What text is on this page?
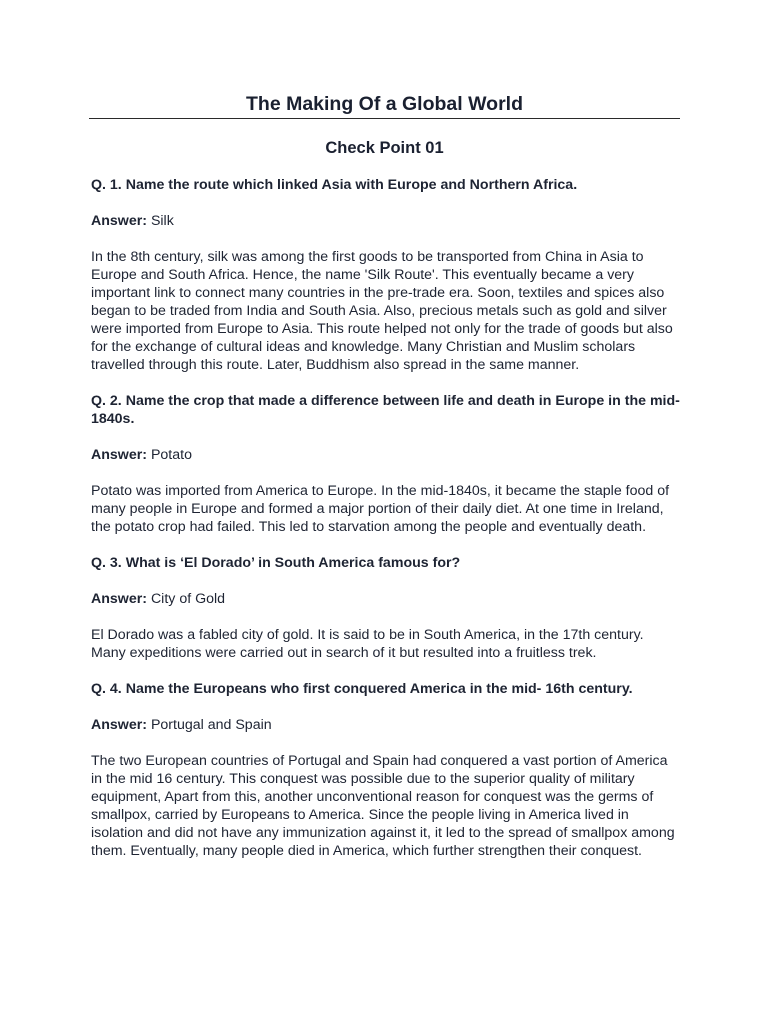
The Making Of a Global World
Check Point 01

Q. 1. Name the route which linked Asia with Europe and Northern Africa.

Answer: Silk

In the 8th century, silk was among the first goods to be transported from China in Asia to Europe and South Africa. Hence, the name 'Silk Route'. This eventually became a very important link to connect many countries in the pre-trade era. Soon, textiles and spices also began to be traded from India and South Asia. Also, precious metals such as gold and silver were imported from Europe to Asia. This route helped not only for the trade of goods but also for the exchange of cultural ideas and knowledge. Many Christian and Muslim scholars travelled through this route. Later, Buddhism also spread in the same manner.

Q. 2. Name the crop that made a difference between life and death in Europe in the mid-1840s.

Answer: Potato

Potato was imported from America to Europe. In the mid-1840s, it became the staple food of many people in Europe and formed a major portion of their daily diet. At one time in Ireland, the potato crop had failed. This led to starvation among the people and eventually death.

Q. 3. What is ‘El Dorado’ in South America famous for?

Answer: City of Gold

El Dorado was a fabled city of gold. It is said to be in South America, in the 17th century. Many expeditions were carried out in search of it but resulted into a fruitless trek.

Q. 4. Name the Europeans who first conquered America in the mid- 16th century.

Answer: Portugal and Spain

The two European countries of Portugal and Spain had conquered a vast portion of America in the mid 16 century. This conquest was possible due to the superior quality of military equipment, Apart from this, another unconventional reason for conquest was the germs of smallpox, carried by Europeans to America. Since the people living in America lived in isolation and did not have any immunization against it, it led to the spread of smallpox among them. Eventually, many people died in America, which further strengthen their conquest.
